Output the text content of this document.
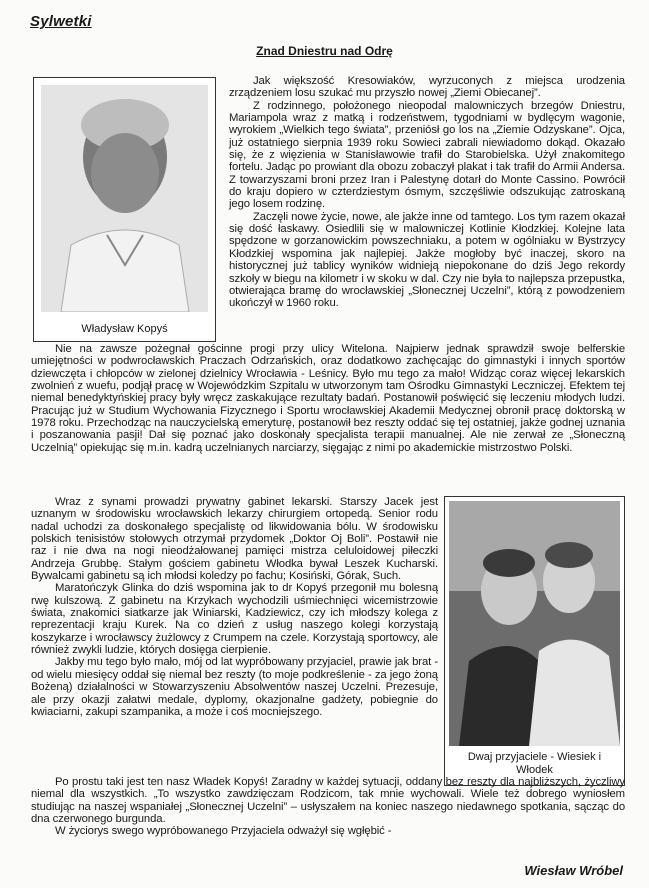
Sylwetki
Znad Dniestru nad Odrę
Władysław Kopyś

Jak większość Kresowiaków, wyrzuconych z miejsca urodzenia zrządzeniem losu szukać mu przyszło nowej „Ziemi Obiecanej”.

Z rodzinnego, położonego nieopodal malowniczych brzegów Dniestru, Mariampola wraz z matką i rodzeństwem, tygodniami w bydlęcym wagonie, wyrokiem „Wielkich tego świata”, przeniósł go los na „Ziemie Odzyskane”. Ojca, już ostatniego sierpnia 1939 roku Sowieci zabrali niewiadomo dokąd. Okazało się, że z więzienia w Stanisławowie trafił do Starobielska. Użył znakomitego fortelu. Jadąc po prowiant dla obozu zobaczył plakat i tak trafił do Armii Andersa. Z towarzyszami broni przez Iran i Palestynę dotarł do Monte Cassino. Powrócił do kraju dopiero w czterdziestym ósmym, szczęśliwie odszukując zatroskaną jego losem rodzinę.

Zaczęli nowe życie, nowe, ale jakże inne od tamtego. Los tym razem okazał się dość łaskawy. Osiedlili się w malowniczej Kotlinie Kłodzkiej. Kolejne lata spędzone w gorzanowickim powszechniaku, a potem w ogólniaku w Bystrzycy Kłodzkiej wspomina jak najlepiej. Jakże mogłoby być inaczej, skoro na historycznej już tablicy wyników widnieją niepokonane do dziś Jego rekordy szkoły w biegu na kilometr i w skoku w dal. Czy nie była to najlepsza przepustka, otwierająca bramę do wrocławskiej „Słonecznej Uczelni”, którą z powodzeniem ukończył w 1960 roku.

Nie na zawsze pożegnał gościnne progi przy ulicy Witelona. Najpierw jednak sprawdził swoje belferskie umiejętności w podwrocławskich Praczach Odrzańskich, oraz dodatkowo zachęcając do gimnastyki i innych sportów dziewczęta i chłopców w zielonej dzielnicy Wrocławia - Leśnicy. Było mu tego za mało! Widząc coraz więcej lekarskich zwolnień z wuefu, podjął pracę w Wojewódzkim Szpitalu w utworzonym tam Ośrodku Gimnastyki Leczniczej. Efektem tej niemal benedyktyńskiej pracy były wręcz zaskakujące rezultaty badań. Postanowił poświęcić się leczeniu młodych ludzi. Pracując już w Studium Wychowania Fizycznego i Sportu wrocławskiej Akademii Medycznej obronił pracę doktorską w 1978 roku. Przechodząc na nauczycielską emeryturę, postanowił bez reszty oddać się tej ostatniej, jakże godnej uznania i poszanowania pasji! Dał się poznać jako doskonały specjalista terapii manualnej. Ale nie zerwał ze „Słoneczną Uczelnią” opiekując się m.in. kadrą uczelnianych narciarzy, sięgając z nimi po akademickie mistrzostwo Polski.

Wraz z synami prowadzi prywatny gabinet lekarski. Starszy Jacek jest uznanym w środowisku wrocławskich lekarzy chirurgiem ortopedą. Senior rodu nadal uchodzi za doskonałego specjalistę od likwidowania bólu. W środowisku polskich tenisistów stołowych otrzymał przydomek „Doktor Oj Boli”. Postawił nie raz i nie dwa na nogi nieodżałowanej pamięci mistrza celuloidowej piłeczki Andrzeja Grubbę. Stałym gościem gabinetu Włodka bywał Leszek Kucharski. Bywalcami gabinetu są ich młodsi koledzy po fachu; Kosiński, Górak, Such.

Maratończyk Glinka do dziś wspomina jak to dr Kopyś przegonił mu bolesną rwę kulszową. Z gabinetu na Krzykach wychodzili uśmiechnięci wicemistrzowie świata, znakomici siatkarze jak Winiarski, Kadziewicz, czy ich młodszy kolega z reprezentacji kraju Kurek. Na co dzień z usług naszego kolegi korzystają koszykarze i wrocławscy żużlowcy z Crumpem na czele. Korzystają sportowcy, ale również zwykli ludzie, których dosięga cierpienie.

Jakby mu tego było mało, mój od lat wypróbowany przyjaciel, prawie jak brat - od wielu miesięcy oddał się niemal bez reszty (to moje podkreślenie - za jego żoną Bożeną) działalności w Stowarzyszeniu Absolwentów naszej Uczelni. Prezesuje, ale przy okazji załatwi medale, dyplomy, okazjonalne gadżety, pobiegnie do kwiaciarni, zakupi szampanika, a może i coś mocniejszego.

Dwaj przyjaciele - Wiesiek i Włodek

Po prostu taki jest ten nasz Władek Kopyś! Zaradny w każdej sytuacji, oddany bez reszty dla najbliższych, życzliwy niemal dla wszystkich. „To wszystko zawdzięczam Rodzicom, tak mnie wychowali. Wiele też dobrego wyniosłem studiując na naszej wspaniałej „Słonecznej Uczelni” – usłyszałem na koniec naszego niedawnego spotkania, sącząc do dna czerwonego burgunda.

W życiorys swego wypróbowanego Przyjaciela odważył się wgłębić -

Wiesław Wróbel
